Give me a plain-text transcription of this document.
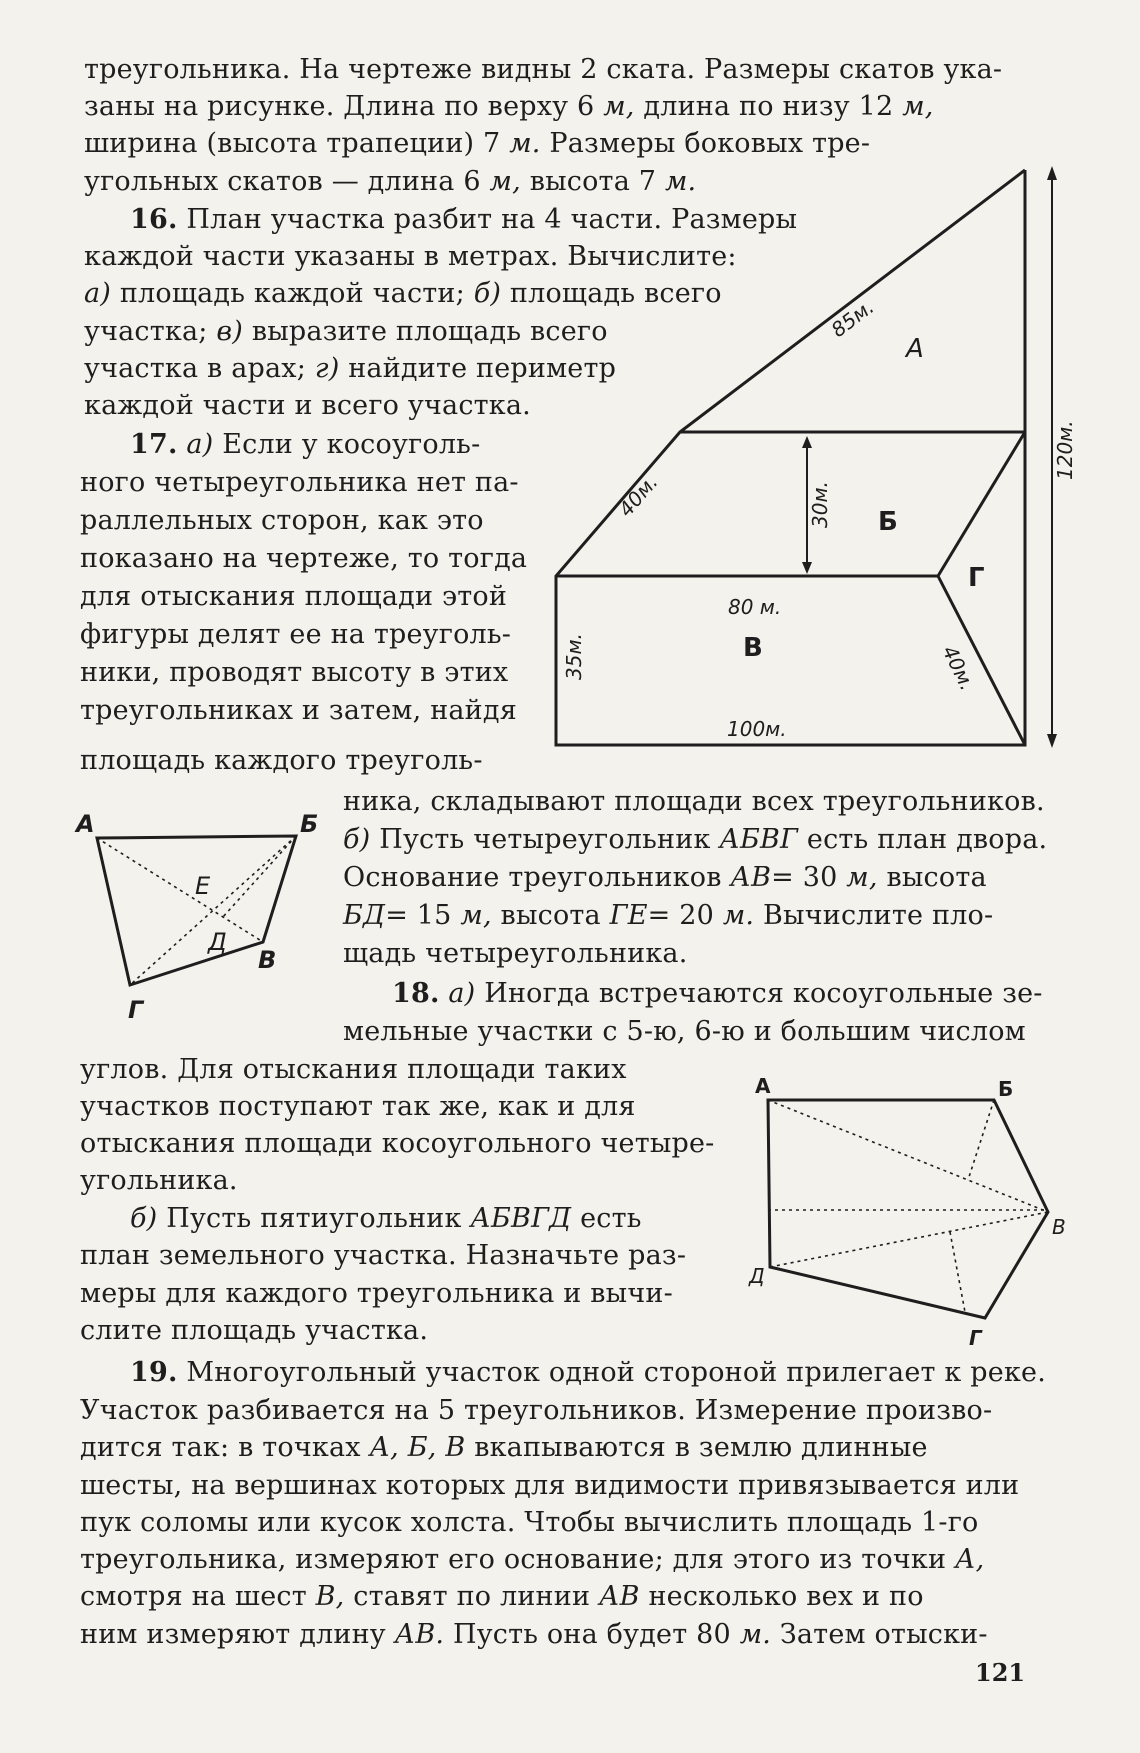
треугольника. На чертеже видны 2 ската. Размеры скатов ука-
заны на рисунке. Длина по верху 6 м, длина по низу 12 м,
ширина (высота трапеции) 7 м. Размеры боковых тре-
угольных скатов — длина 6 м, высота 7 м.
16. План участка разбит на 4 части. Размеры
каждой части указаны в метрах. Вычислите:
а) площадь каждой части; б) площадь всего
участка; в) выразите площадь всего
участка в арах; г) найдите периметр
каждой части и всего участка.
17. а) Если у косоуголь-
ного четыреугольника нет па-
раллельных сторон, как это
показано на чертеже, то тогда
для отыскания площади этой
фигуры делят ее на треуголь-
ники, проводят высоту в этих
треугольниках и затем, найдя
площадь каждого треуголь-
ника, складывают площади всех треугольников.
б) Пусть четыреугольник АБВГ есть план двора.
Основание треугольников АВ= 30 м, высота
БД= 15 м, высота ГЕ= 20 м. Вычислите пло-
щадь четыреугольника.
18. а) Иногда встречаются косоугольные зе-
мельные участки с 5-ю, 6-ю и большим числом
углов. Для отыскания площади таких
участков поступают так же, как и для
отыскания площади косоугольного четыре-
угольника.
б) Пусть пятиугольник АБВГД есть
план земельного участка. Назначьте раз-
меры для каждого треугольника и вычи-
слите площадь участка.
19. Многоугольный участок одной стороной прилегает к реке.
Участок разбивается на 5 треугольников. Измерение произво-
дится так: в точках А, Б, В вкапываются в землю длинные
шесты, на вершинах которых для видимости привязывается или
пук соломы или кусок холста. Чтобы вычислить площадь 1-го
треугольника, измеряют его основание; для этого из точки А,
смотря на шест В, ставят по линии АВ несколько вех и по
ним измеряют длину АВ. Пусть она будет 80 м. Затем отыски-
121
А
Б
В
Г
85м.
40м.	30м.
120м.
80 м.
35м.	40м.
100м.
А	Б
Е
Д
В
Г
А	Б
В
Д
Г
